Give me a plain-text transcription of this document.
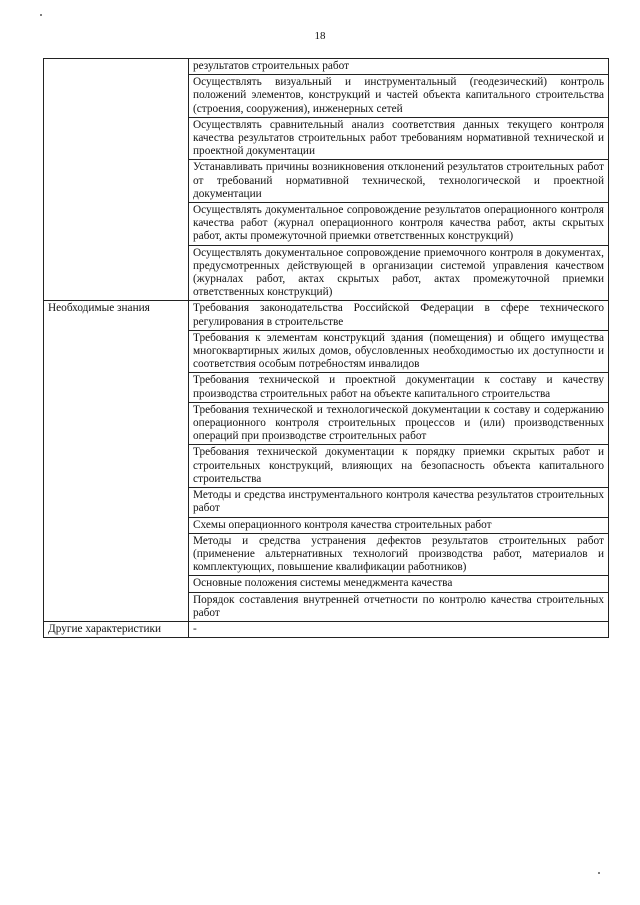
18
	результатов строительных работ
	Осуществлять визуальный и инструментальный (геодезический) контроль положений элементов, конструкций и частей объекта капитального строительства (строения, сооружения), инженерных сетей
	Осуществлять сравнительный анализ соответствия данных текущего контроля качества результатов строительных работ требованиям нормативной технической и проектной документации
	Устанавливать причины возникновения отклонений результатов строительных работ от требований нормативной технической, технологической и проектной документации
	Осуществлять документальное сопровождение результатов операционного контроля качества работ (журнал операционного контроля качества работ, акты скрытых работ, акты промежуточной приемки ответственных конструкций)
	Осуществлять документальное сопровождение приемочного контроля в документах, предусмотренных действующей в организации системой управления качеством (журналах работ, актах скрытых работ, актах промежуточной приемки ответственных конструкций)
Необходимые знания	Требования законодательства Российской Федерации в сфере технического регулирования в строительстве
	Требования к элементам конструкций здания (помещения) и общего имущества многоквартирных жилых домов, обусловленных необходимостью их доступности и соответствия особым потребностям инвалидов
	Требования технической и проектной документации к составу и качеству производства строительных работ на объекте капитального строительства
	Требования технической и технологической документации к составу и содержанию операционного контроля строительных процессов и (или) производственных операций при производстве строительных работ
	Требования технической документации к порядку приемки скрытых работ и строительных конструкций, влияющих на безопасность объекта капитального строительства
	Методы и средства инструментального контроля качества результатов строительных работ
	Схемы операционного контроля качества строительных работ
	Методы и средства устранения дефектов результатов строительных работ (применение альтернативных технологий производства работ, материалов и комплектующих, повышение квалификации работников)
	Основные положения системы менеджмента качества
	Порядок составления внутренней отчетности по контролю качества строительных работ
Другие характеристики	-
